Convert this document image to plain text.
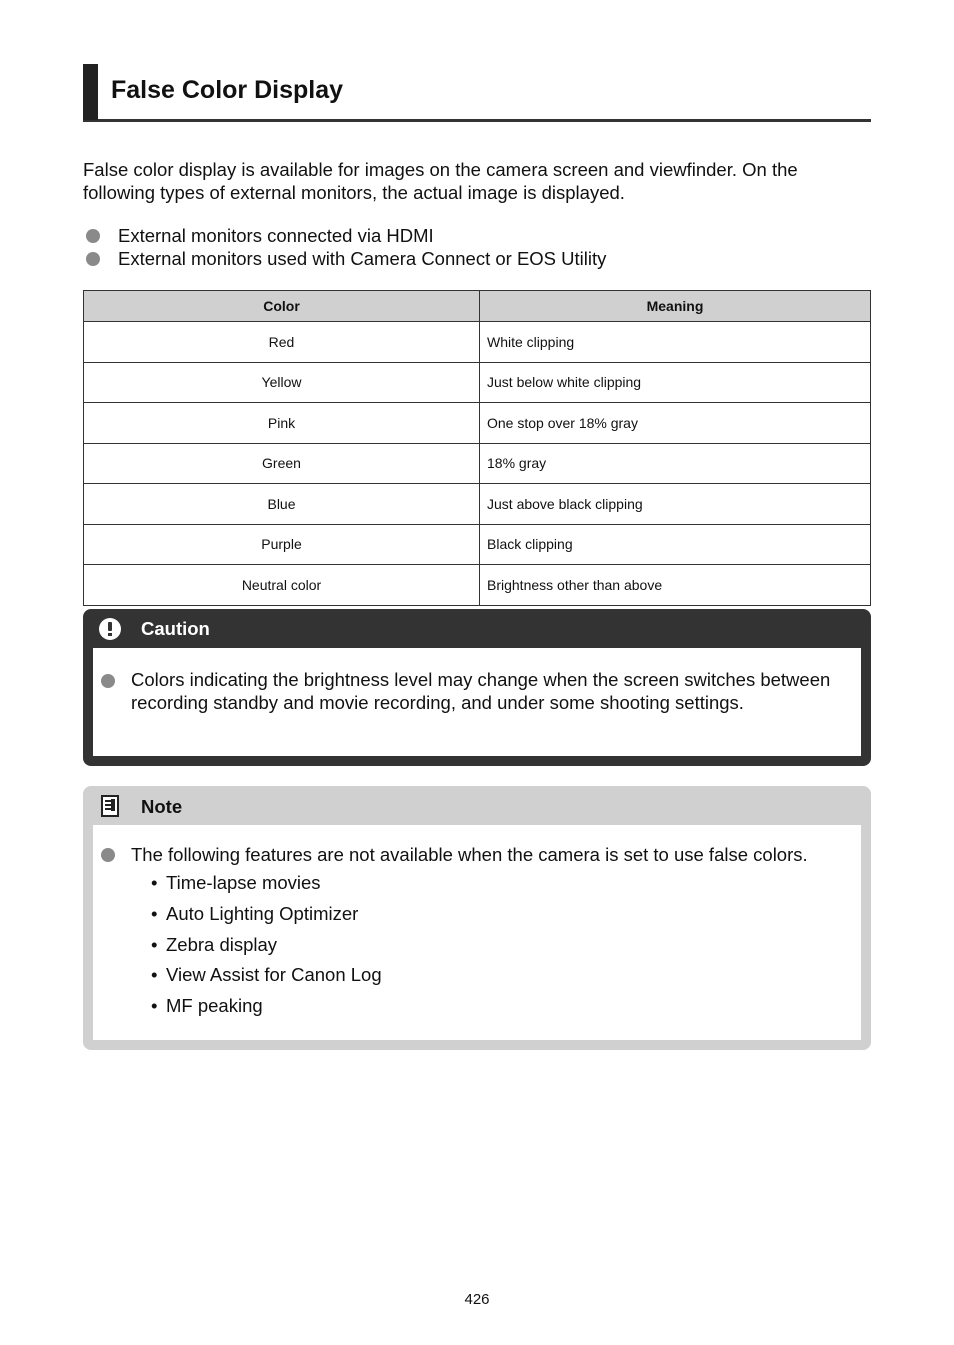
False Color Display
False color display is available for images on the camera screen and viewfinder. On the following types of external monitors, the actual image is displayed.
External monitors connected via HDMI
External monitors used with Camera Connect or EOS Utility
Color	Meaning
Red	White clipping
Yellow	Just below white clipping
Pink	One stop over 18% gray
Green	18% gray
Blue	Just above black clipping
Purple	Black clipping
Neutral color	Brightness other than above
Caution
Colors indicating the brightness level may change when the screen switches between recording standby and movie recording, and under some shooting settings.
Note
The following features are not available when the camera is set to use false colors.
• Time-lapse movies
• Auto Lighting Optimizer
• Zebra display
• View Assist for Canon Log
• MF peaking
426
